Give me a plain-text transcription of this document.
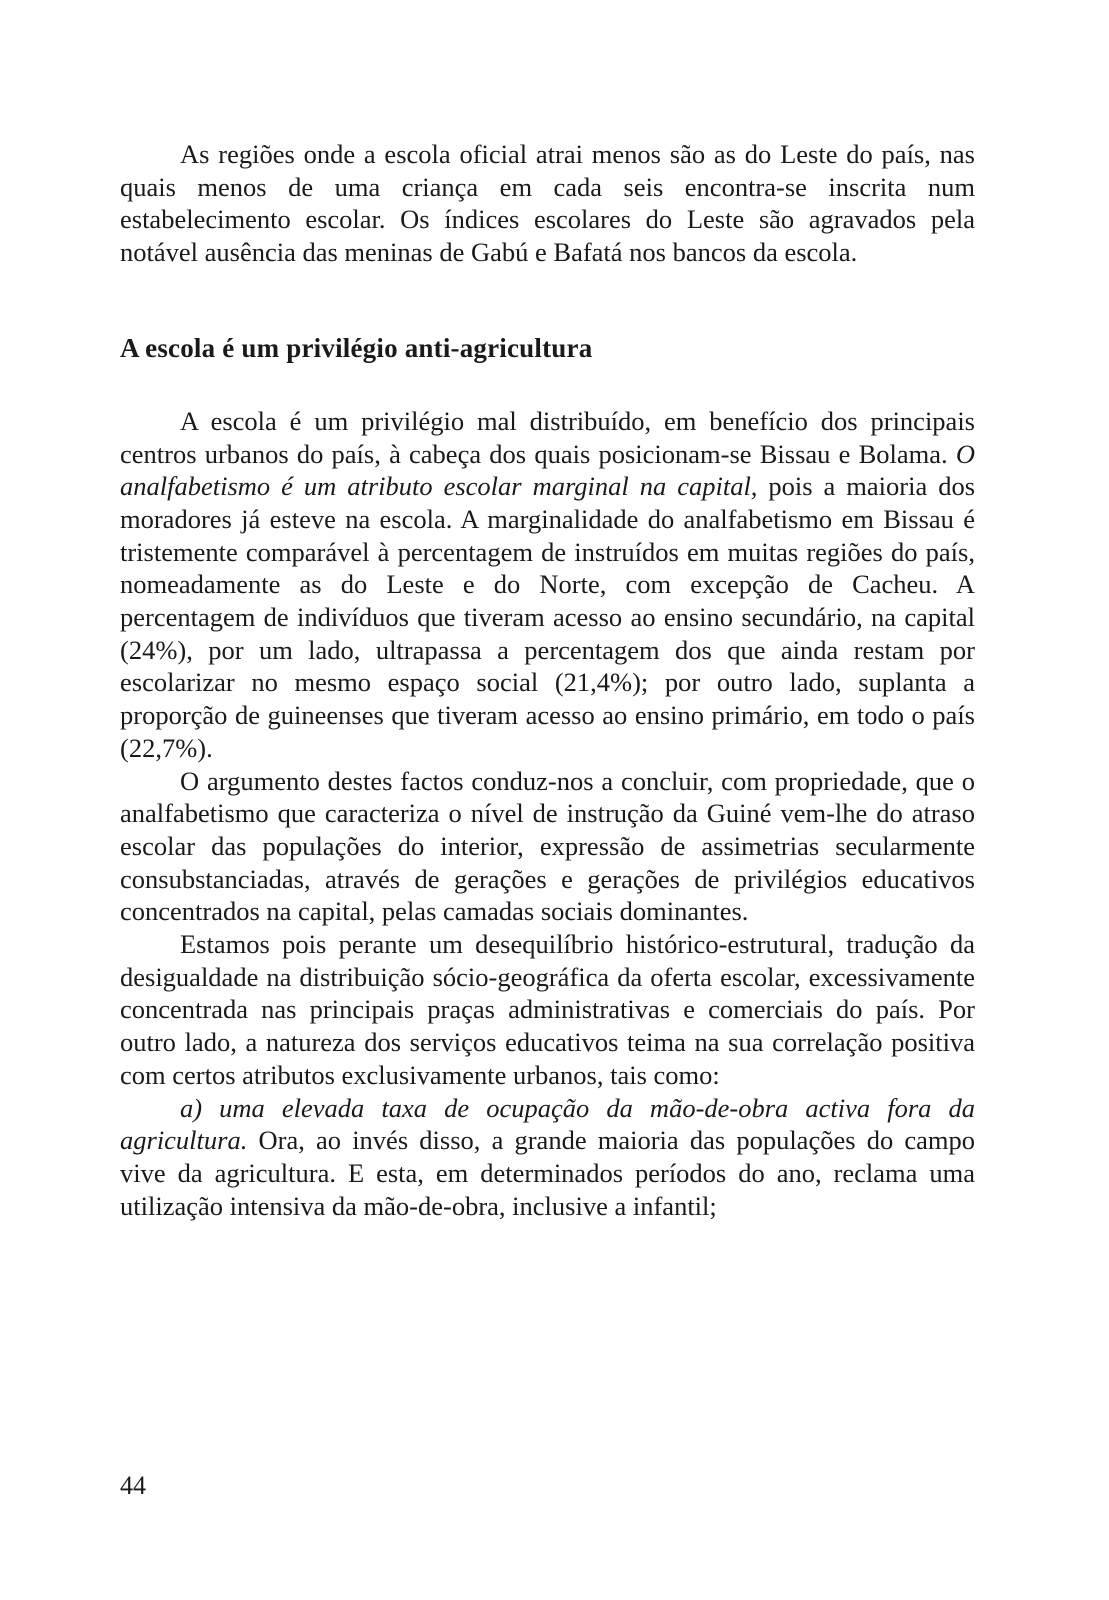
As regiões onde a escola oficial atrai menos são as do Leste do país, nas quais menos de uma criança em cada seis encontra-se inscrita num estabelecimento escolar. Os índices escolares do Leste são agravados pela notável ausência das meninas de Gabú e Bafatá nos bancos da escola.

A escola é um privilégio anti-agricultura

A escola é um privilégio mal distribuído, em benefício dos principais centros urbanos do país, à cabeça dos quais posicionam-se Bissau e Bolama. O analfabetismo é um atributo escolar marginal na capital, pois a maioria dos moradores já esteve na escola. A marginalidade do analfabetismo em Bissau é tristemente comparável à percentagem de instruídos em muitas regiões do país, nomeadamente as do Leste e do Norte, com excepção de Cacheu. A percentagem de indivíduos que tiveram acesso ao ensino secundário, na capital (24%), por um lado, ultrapassa a percentagem dos que ainda restam por escolarizar no mesmo espaço social (21,4%); por outro lado, suplanta a proporção de guineenses que tiveram acesso ao ensino primário, em todo o país (22,7%).

O argumento destes factos conduz-nos a concluir, com propriedade, que o analfabetismo que caracteriza o nível de instrução da Guiné vem-lhe do atraso escolar das populações do interior, expressão de assimetrias secularmente consubstanciadas, através de gerações e gerações de privilégios educativos concentrados na capital, pelas camadas sociais dominantes.

Estamos pois perante um desequilíbrio histórico-estrutural, tradução da desigualdade na distribuição sócio-geográfica da oferta escolar, excessivamente concentrada nas principais praças administrativas e comerciais do país. Por outro lado, a natureza dos serviços educativos teima na sua correlação positiva com certos atributos exclusivamente urbanos, tais como:

a) uma elevada taxa de ocupação da mão-de-obra activa fora da agricultura. Ora, ao invés disso, a grande maioria das populações do campo vive da agricultura. E esta, em determinados períodos do ano, reclama uma utilização intensiva da mão-de-obra, inclusive a infantil;

44
